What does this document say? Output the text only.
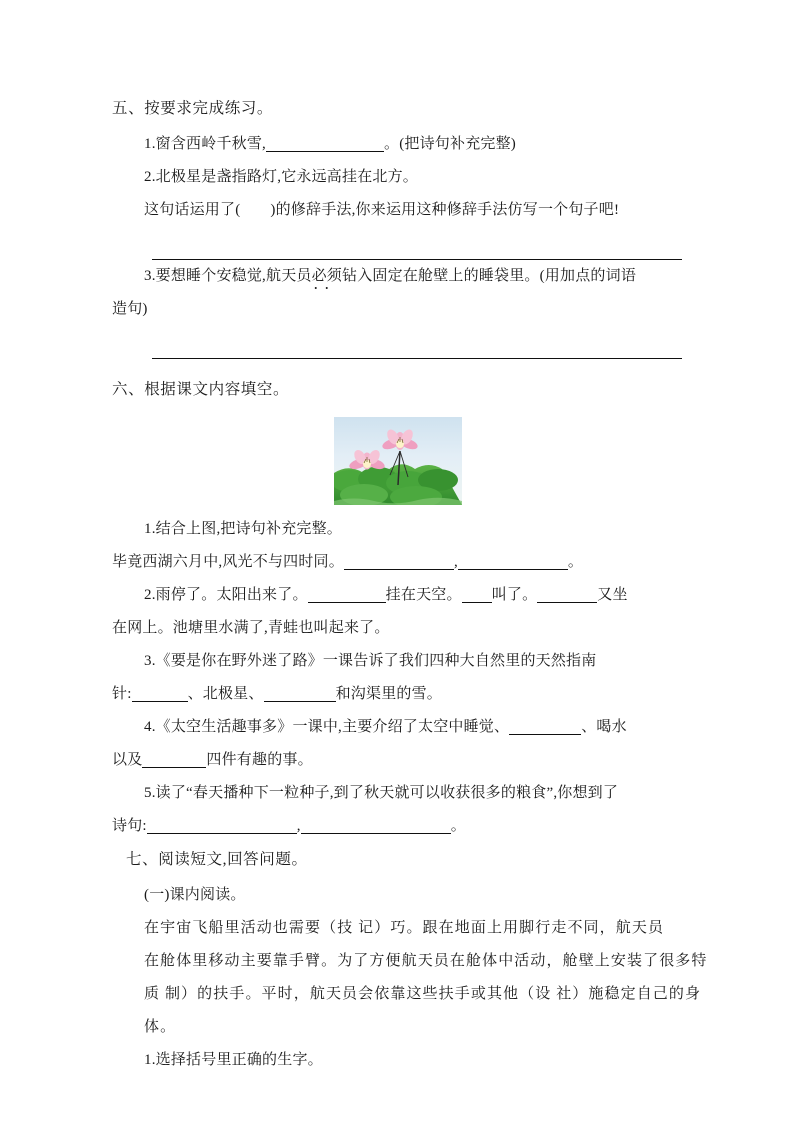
五、按要求完成练习。

1.窗含西岭千秋雪,	。(把诗句补充完整)

2.北极星是盏指路灯,它永远高挂在北方。

这句话运用了( )的修辞手法,你来运用这种修辞手法仿写一个句子吧!

3.要想睡个安稳觉,航天员必须钻入固定在舱壁上的睡袋里。(用加点的词语

造句)

六、根据课文内容填空。

1.结合上图,把诗句补充完整。

毕竟西湖六月中,风光不与四时同。	,	。

2.雨停了。太阳出来了。	挂在天空。 叫了。	又坐

在网上。池塘里水满了,青蛙也叫起来了。

3.《要是你在野外迷了路》一课告诉了我们四种大自然里的天然指南

针:	、北极星、	和沟渠里的雪。

4.《太空生活趣事多》一课中,主要介绍了太空中睡觉、	、喝水

以及	四件有趣的事。

5.读了“春天播种下一粒种子,到了秋天就可以收获很多的粮食”,你想到了

诗句:	,	。

七、阅读短文,回答问题。

(一)课内阅读。

在宇宙飞船里活动也需要（技 记）巧。跟在地面上用脚行走不同，航天员

在舱体里移动主要靠手臂。为了方便航天员在舱体中活动，舱壁上安装了很多特

质 制）的扶手。平时，航天员会依靠这些扶手或其他（设 社）施稳定自己的身

体。

1.选择括号里正确的生字。
